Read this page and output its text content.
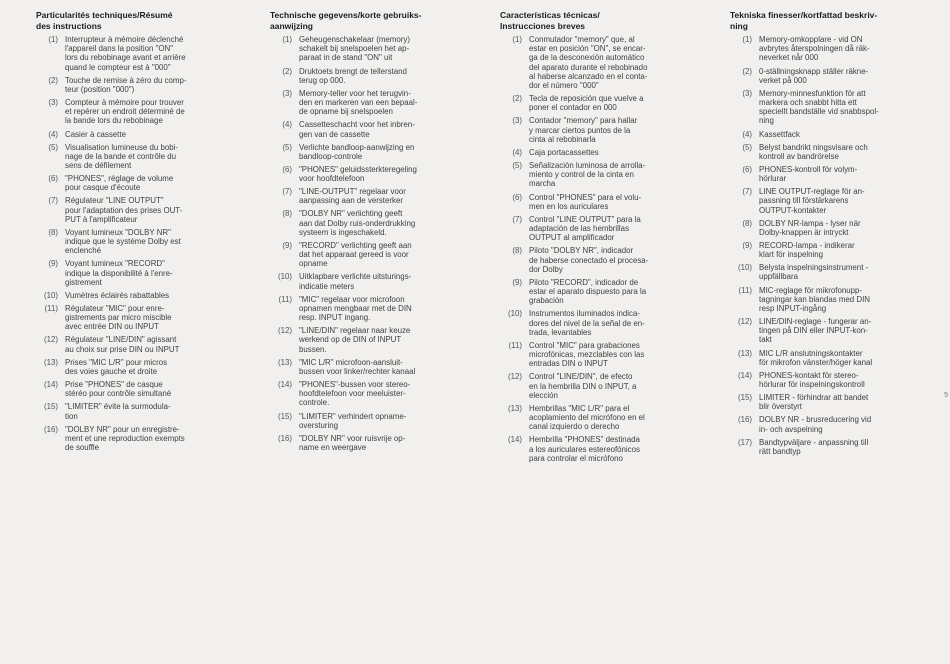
Particularités techniques/Résumé
des instructions
(1) Interrupteur à mémoire déclenché
l'appareil dans la position "ON"
lors du rebobinage avant et arrière
quand le compteur est à "000"
(2) Touche de remise à zéro du comp-
teur (position "000")
(3) Compteur à mémoire pour trouver
et repérer un endroit déterminé de
la bande lors du rebobinage
(4) Casier à cassette
(5) Visualisation lumineuse du bobi-
nage de la bande et contrôle du
sens de défilement
(6) "PHONES", réglage de volume
pour casque d'écoute
(7) Régulateur "LINE OUTPUT"
pour l'adaptation des prises OUT-
PUT à l'amplificateur
(8) Voyant lumineux "DOLBY NR"
indique que le système Dolby est
enclenché
(9) Voyant lumineux "RECORD"
indique la disponibilité à l'enre-
gistrement
(10) Vumètres éclairés rabattables
(11) Régulateur "MIC" pour enre-
gistrements par micro miscible
avec entrée DIN ou INPUT
(12) Régulateur "LINE/DIN" agissant
au choix sur prise DIN ou INPUT
(13) Prises "MIC L/R" pour micros
des voies gauche et droite
(14) Prise "PHONES" de casque
stéréo pour contrôle simultané
(15) "LIMITER" évite la surmodula-
tion
(16) "DOLBY NR" pour un enregistre-
ment et une reproduction exempts
de souffle
Technische gegevens/korte gebruiks-
aanwijzing
(1) Geheugenschakelaar (memory)
schakelt bij snelspoelen het ap-
paraat in de stand "ON" uit
(2) Druktoets brengt de tellerstand
terug op 000.
(3) Memory-teller voor het terugvin-
den en markeren van een bepaal-
de opname bij snelspoelen
(4) Cassetteschacht voor het inbren-
gen van de cassette
(5) Verlichte bandloop-aanwijzing en
bandloop-controle
(6) "PHONES" geluidssterkteregeling
voor hoofdtelefoon
(7) "LINE-OUTPUT" regelaar voor
aanpassing aan de versterker
(8) "DOLBY NR" verlichting geeft
aan dat Dolby ruis-onderdrukking
systeem is ingeschakeld.
(9) "RECORD" verlichting geeft aan
dat het apparaat gereed is voor
opname
(10) Uitklapbare verlichte uitsturings-
indicatie meters
(11) "MIC" regelaar voor microfoon
opnamen mengbaar met de DIN
resp. INPUT ingang.
(12) "LINE/DIN" regelaar naar keuze
werkend op de DIN of INPUT
bussen.
(13) "MIC L/R" microfoon-aansluit-
bussen voor linker/rechter kanaal
(14) "PHONES"-bussen voor stereo-
hoofdtelefoon voor meeluister-
controle.
(15) "LIMITER" verhindert opname-
oversturing
(16) "DOLBY NR" voor ruisvrije op-
name en weergave
Características técnicas/
Instrucciones breves
(1) Conmutador "memory" que, al
estar en posición "ON", se encar-
ga de la desconexión automático
del aparato durante el rebobinado
al haberse alcanzado en el conta-
dor el número "000"
(2) Tecla de reposición que vuelve a
poner el contador en 000
(3) Contador "memory" para hallar
y marcar ciertos puntos de la
cinta al rebobinarla
(4) Caja portacassettes
(5) Señalización luminosa de arrolla-
miento y control de la cinta en
marcha
(6) Control "PHONES" para el volu-
men en los auriculares
(7) Control "LINE OUTPUT" para la
adaptación de las hembrillas
OUTPUT al amplificador
(8) Piloto "DOLBY NR", indicador
de haberse conectado el procesa-
dor Dolby
(9) Piloto "RECORD", indicador de
estar el aparato dispuesto para la
grabación
(10) Instrumentos iluminados indica-
dores del nivel de la señal de en-
trada, levantables
(11) Control "MIC" para grabaciones
microfónicas, mezclables con las
entradas DIN o INPUT
(12) Control "LINE/DIN", de efecto
en la hembrilla DIN o INPUT, a
elección
(13) Hembrillas "MIC L/R" para el
acoplamiento del micrófono en el
canal izquierdo o derecho
(14) Hembrilla "PHONES" destinada
a los auriculares estereofónicos
para controlar el micrófono
Tekniska finesser/kortfattad beskriv-
ning
(1) Memory-omkopplare - vid ON
avbrytes återspolningen då räk-
neverket når 000
(2) 0-ställningsknapp ställer räkne-
verket på 000
(3) Memory-minnesfunktion för att
markera och snabbt hitta ett
speciellt bandställe vid snabbspol-
ning
(4) Kassettfack
(5) Belyst bandrikt ningsvisare och
kontroll av bandrörelse
(6) PHONES-kontroll för volym-
hörlurar
(7) LINE OUTPUT-reglage för an-
passning till förstärkarens
OUTPUT-kontakter
(8) DOLBY NR-lampa - lyser när
Dolby-knappen är intryckt
(9) RECORD-lampa - indikerar
klart för inspelning
(10) Belysta inspelningsinstrument -
uppfällbara
(11) MIC-reglage för mikrofonupp-
tagningar kan blandas med DIN
resp INPUT-ingång
(12) LINE/DIN-reglage - fungerar an-
tingen på DIN eller INPUT-kon-
takt
(13) MIC L/R anslutningskontakter
för mikrofon vänster/höger kanal
(14) PHONES-kontakt för stereo-
hörlurar för inspelningskontroll
(15) LIMITER - förhindrar att bandet
blir överstyrt
(16) DOLBY NR - brusreducering vid
in- och avspelning
(17) Bandtypväljare - anpassning till
rätt bandtyp
5
